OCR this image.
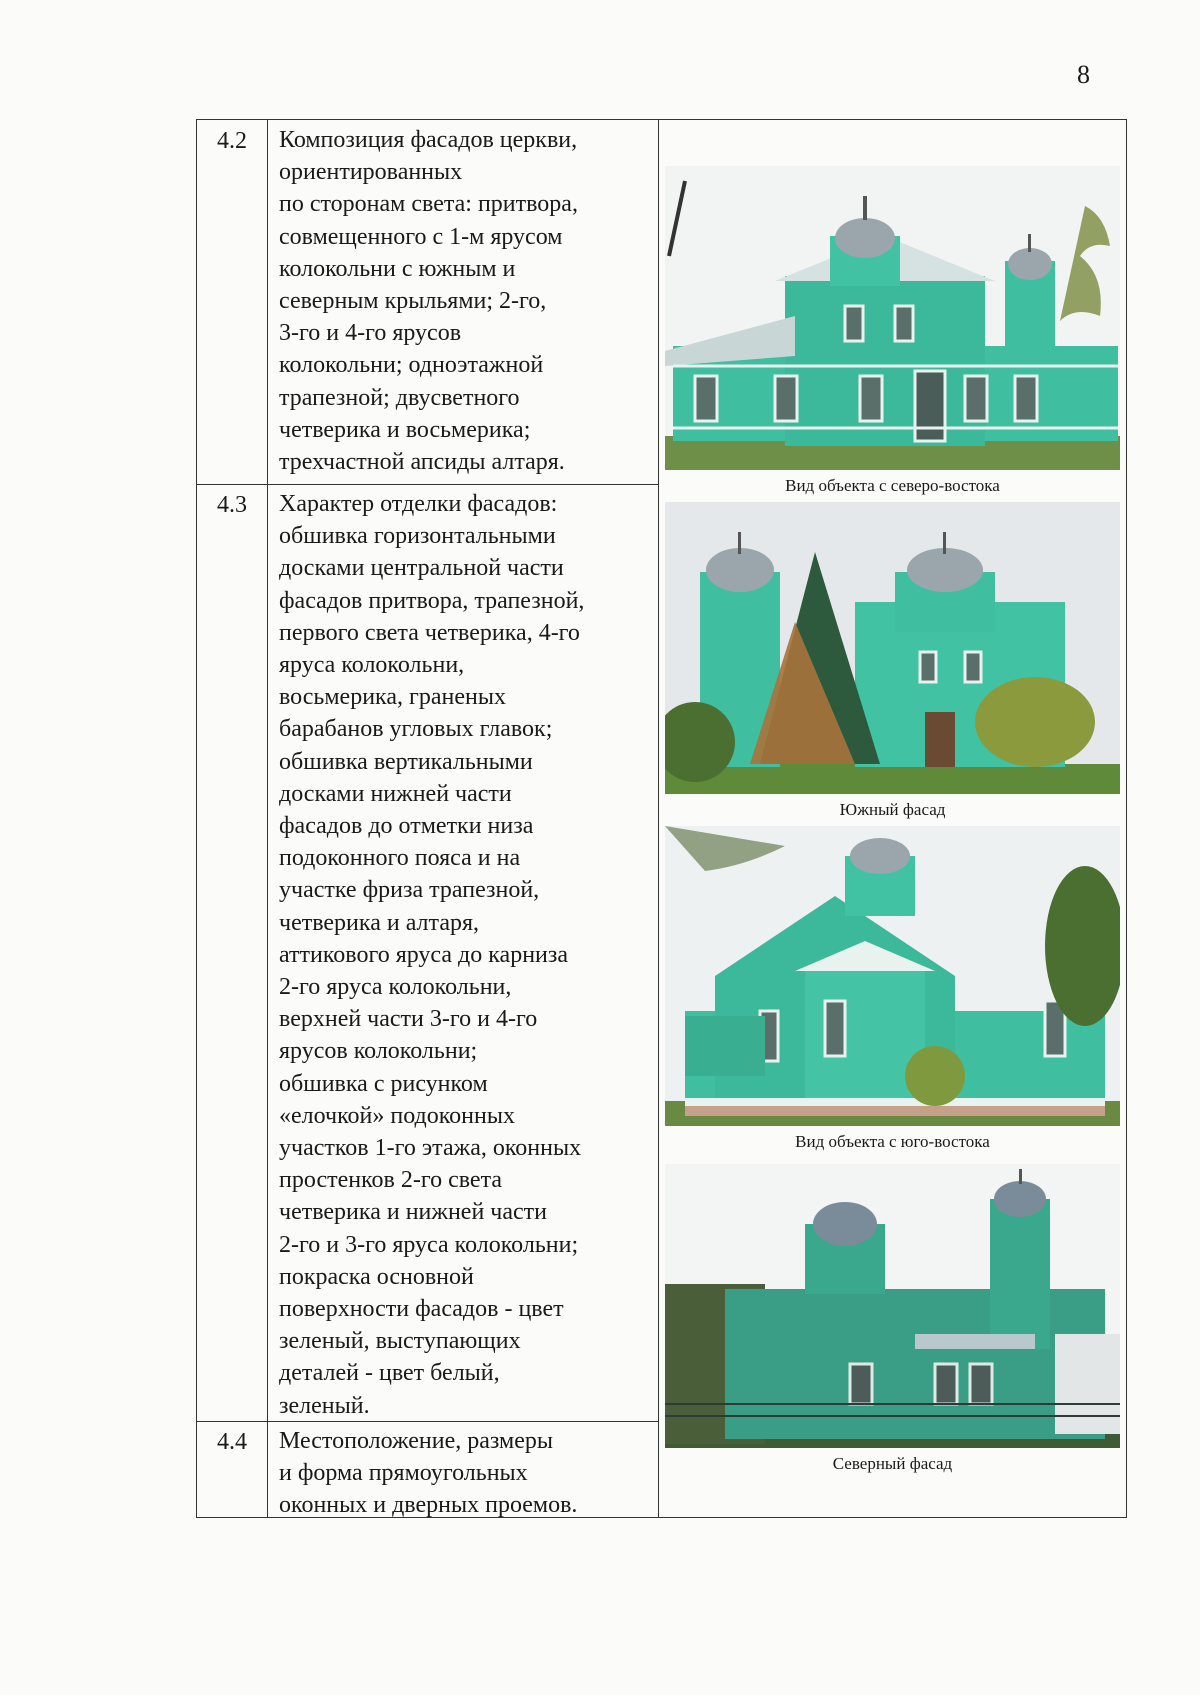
8
4.2	Композиция фасадов церкви,
ориентированных
по сторонам света: притвора,
совмещенного с 1-м ярусом
колокольни с южным и
северным крыльями; 2-го,
3-го и 4-го ярусов
колокольни; одноэтажной
трапезной; двусветного
четверика и восьмерика;
трехчастной апсиды алтаря.
4.3	Характер отделки фасадов:
обшивка горизонтальными
досками центральной части
фасадов притвора, трапезной,
первого света четверика, 4-го
яруса колокольни,
восьмерика, граненых
барабанов угловых главок;
обшивка вертикальными
досками нижней части
фасадов до отметки низа
подоконного пояса и на
участке фриза трапезной,
четверика и алтаря,
аттикового яруса до карниза
2-го яруса колокольни,
верхней части 3-го и 4-го
ярусов колокольни;
обшивка с рисунком
«елочкой» подоконных
участков 1-го этажа, оконных
простенков 2-го света
четверика и нижней части
2-го и 3-го яруса колокольни;
покраска основной
поверхности фасадов - цвет
зеленый, выступающих
деталей - цвет белый,
зеленый.
4.4	Местоположение, размеры
и форма прямоугольных
оконных и дверных проемов.
Вид объекта с северо-востока
Южный фасад
Вид объекта с юго-востока
Северный фасад
